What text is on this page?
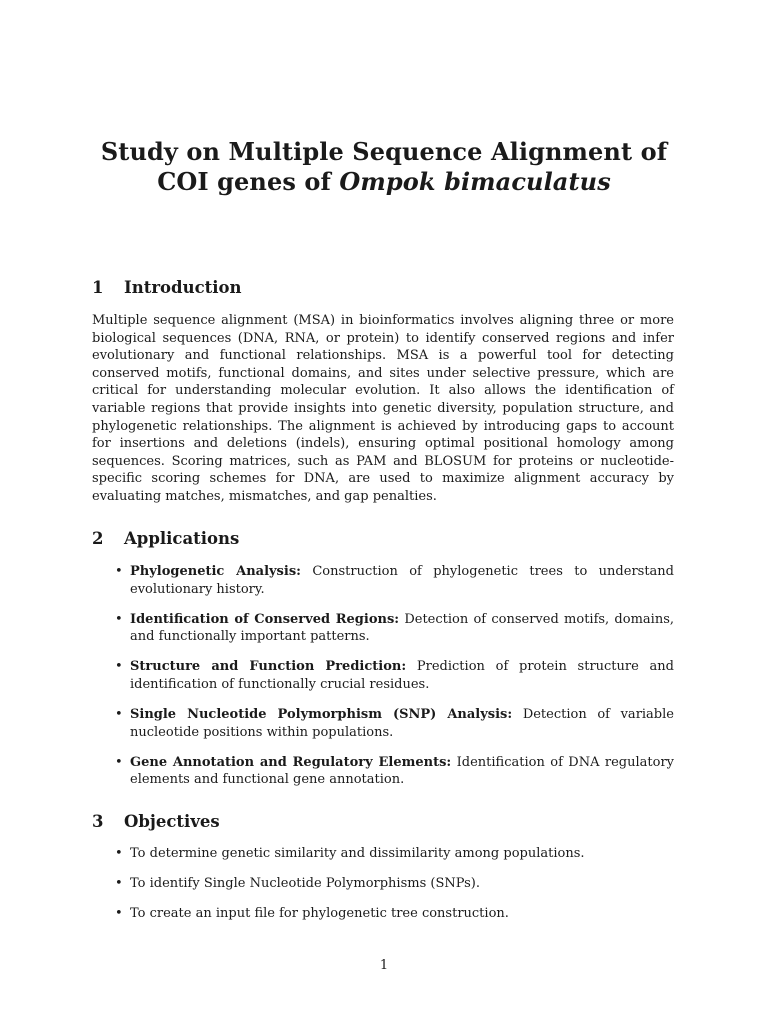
Study on Multiple Sequence Alignment of
COI genes of Ompok bimaculatus
1 Introduction
Multiple sequence alignment (MSA) in bioinformatics involves aligning three or more biological sequences (DNA, RNA, or protein) to identify conserved regions and infer evolutionary and functional relationships. MSA is a powerful tool for detecting conserved motifs, functional domains, and sites under selective pressure, which are critical for understanding molecular evolution. It also allows the identification of variable regions that provide insights into genetic diversity, population structure, and phylogenetic relationships. The alignment is achieved by introducing gaps to account for insertions and deletions (indels), ensuring optimal positional homology among sequences. Scoring matrices, such as PAM and BLOSUM for proteins or nucleotide-specific scoring schemes for DNA, are used to maximize alignment accuracy by evaluating matches, mismatches, and gap penalties.
2 Applications
• Phylogenetic Analysis: Construction of phylogenetic trees to understand evolutionary history.
• Identification of Conserved Regions: Detection of conserved motifs, domains, and functionally important patterns.
• Structure and Function Prediction: Prediction of protein structure and identification of functionally crucial residues.
• Single Nucleotide Polymorphism (SNP) Analysis: Detection of variable nucleotide positions within populations.
• Gene Annotation and Regulatory Elements: Identification of DNA regulatory elements and functional gene annotation.
3 Objectives
• To determine genetic similarity and dissimilarity among populations.
• To identify Single Nucleotide Polymorphisms (SNPs).
• To create an input file for phylogenetic tree construction.
1
